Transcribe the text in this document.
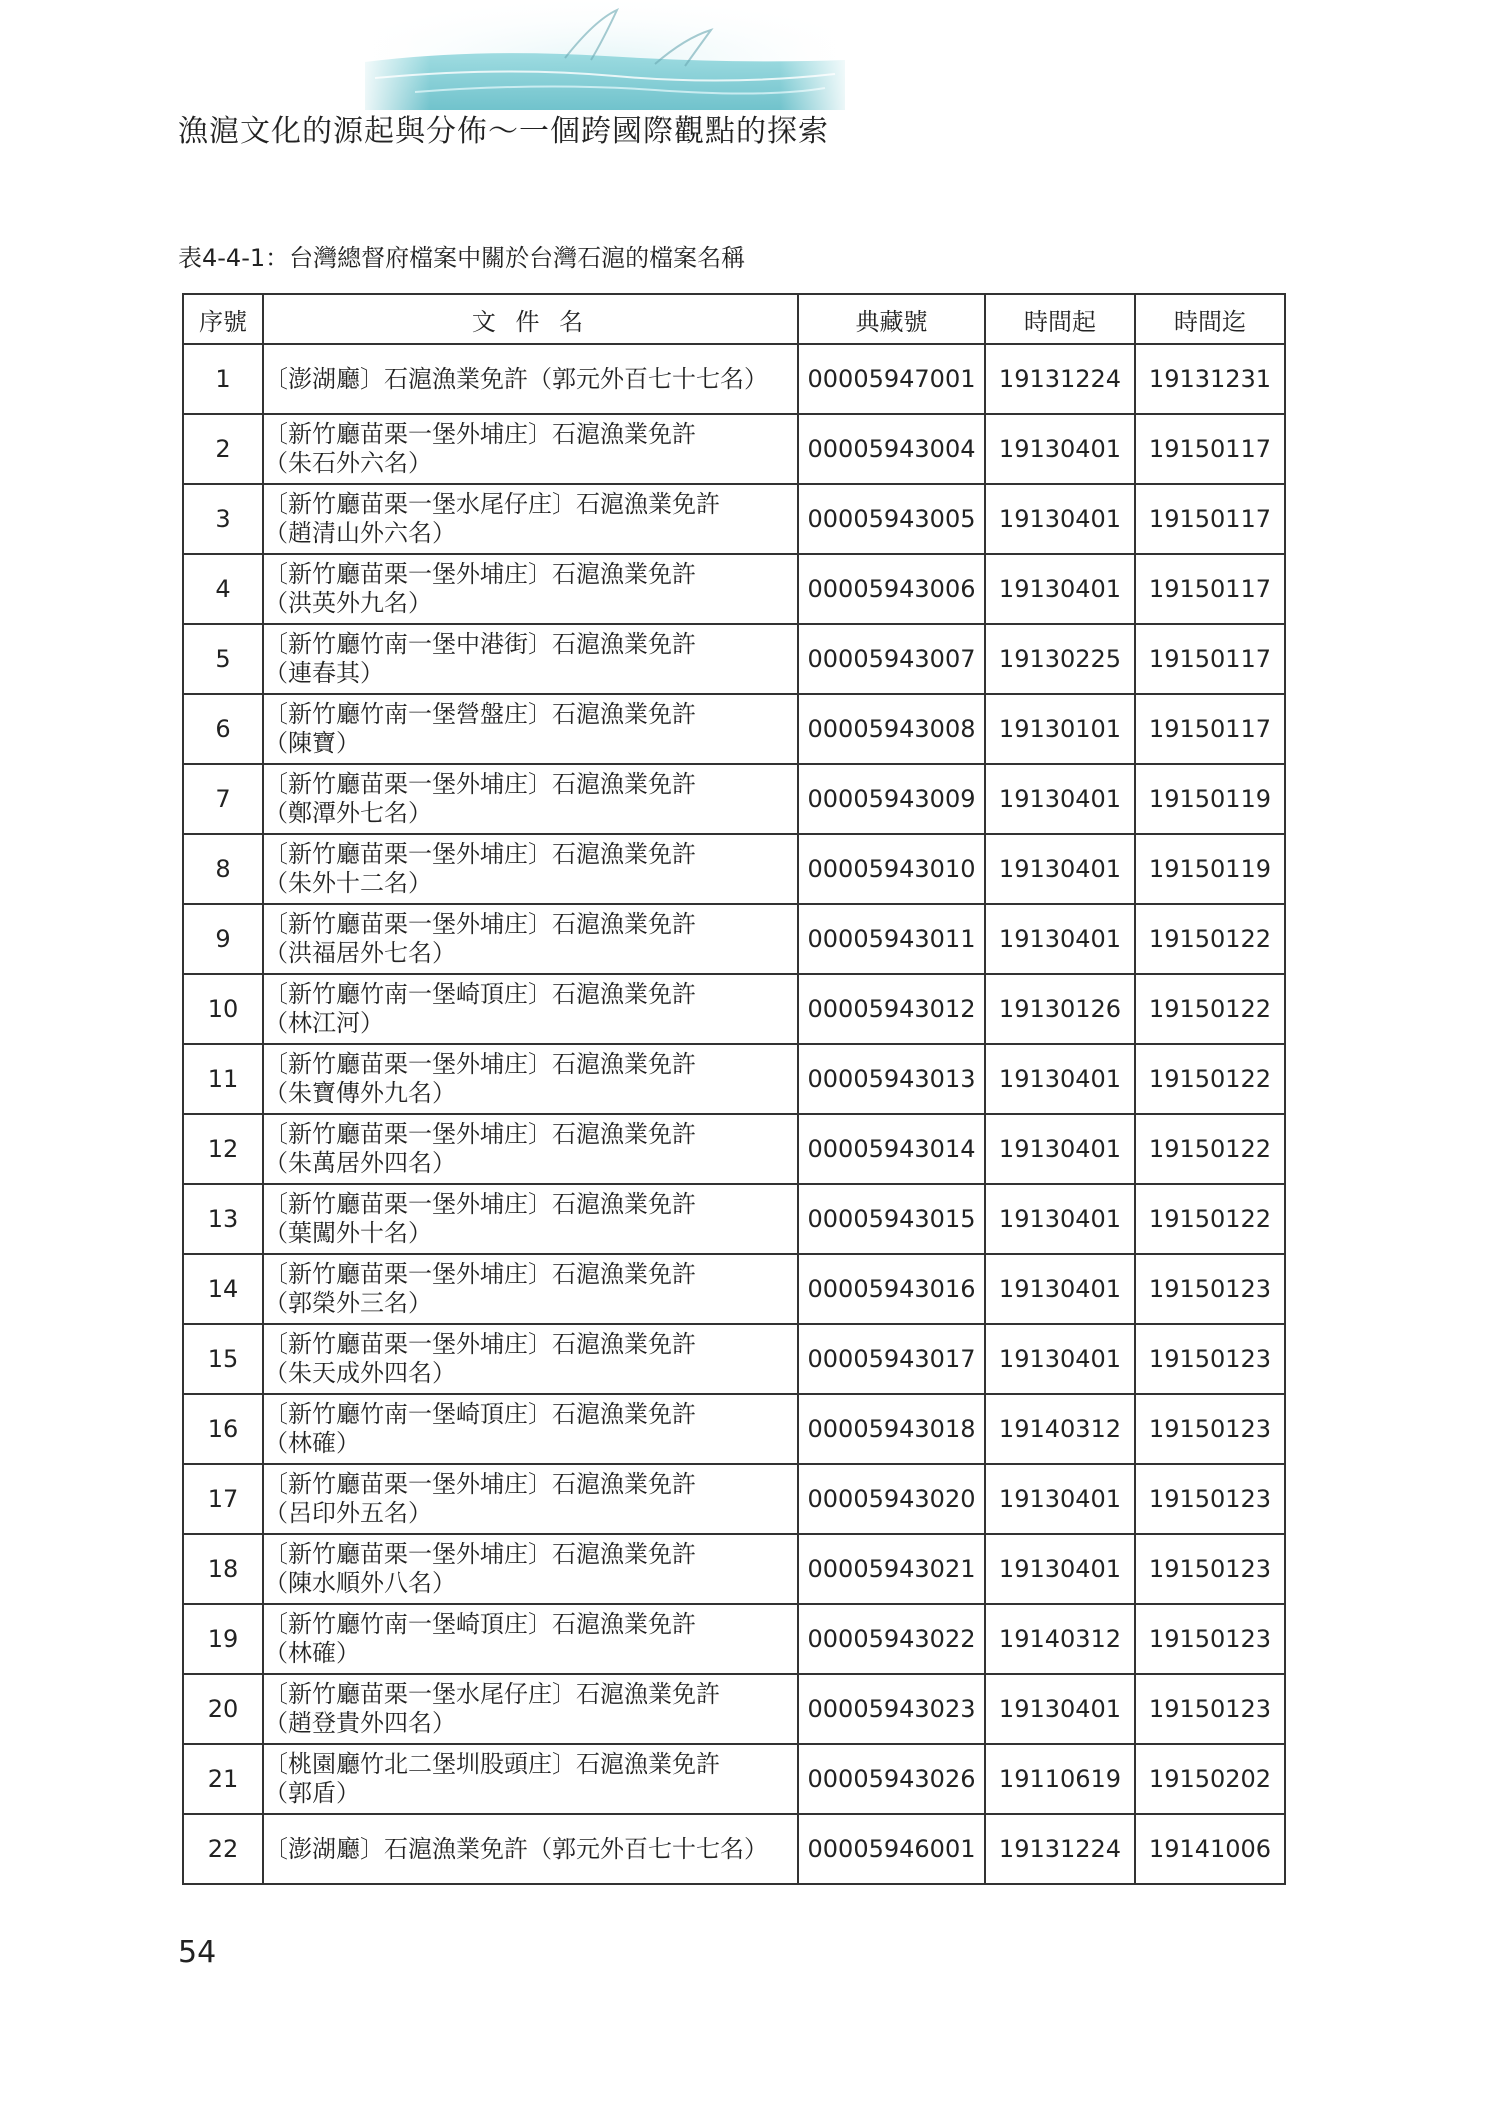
漁滬文化的源起與分佈～一個跨國際觀點的探索
表4-4-1：台灣總督府檔案中關於台灣石滬的檔案名稱
序號	文 件 名	典藏號	時間起	時間迄
1	〔澎湖廳〕石滬漁業免許（郭元外百七十七名）	00005947001	19131224	19131231
2	〔新竹廳苗栗一堡外埔庄〕石滬漁業免許
（朱石外六名）	00005943004	19130401	19150117
3	〔新竹廳苗栗一堡水尾仔庄〕石滬漁業免許
（趙清山外六名）	00005943005	19130401	19150117
4	〔新竹廳苗栗一堡外埔庄〕石滬漁業免許
（洪英外九名）	00005943006	19130401	19150117
5	〔新竹廳竹南一堡中港街〕石滬漁業免許
（連春其）	00005943007	19130225	19150117
6	〔新竹廳竹南一堡營盤庄〕石滬漁業免許
（陳寶）	00005943008	19130101	19150117
7	〔新竹廳苗栗一堡外埔庄〕石滬漁業免許
（鄭潭外七名）	00005943009	19130401	19150119
8	〔新竹廳苗栗一堡外埔庄〕石滬漁業免許
（朱外十二名）	00005943010	19130401	19150119
9	〔新竹廳苗栗一堡外埔庄〕石滬漁業免許
（洪福居外七名）	00005943011	19130401	19150122
10	〔新竹廳竹南一堡崎頂庄〕石滬漁業免許
（林江河）	00005943012	19130126	19150122
11	〔新竹廳苗栗一堡外埔庄〕石滬漁業免許
（朱寶傳外九名）	00005943013	19130401	19150122
12	〔新竹廳苗栗一堡外埔庄〕石滬漁業免許
（朱萬居外四名）	00005943014	19130401	19150122
13	〔新竹廳苗栗一堡外埔庄〕石滬漁業免許
（葉闖外十名）	00005943015	19130401	19150122
14	〔新竹廳苗栗一堡外埔庄〕石滬漁業免許
（郭榮外三名）	00005943016	19130401	19150123
15	〔新竹廳苗栗一堡外埔庄〕石滬漁業免許
（朱天成外四名）	00005943017	19130401	19150123
16	〔新竹廳竹南一堡崎頂庄〕石滬漁業免許
（林確）	00005943018	19140312	19150123
17	〔新竹廳苗栗一堡外埔庄〕石滬漁業免許
（呂印外五名）	00005943020	19130401	19150123
18	〔新竹廳苗栗一堡外埔庄〕石滬漁業免許
（陳水順外八名）	00005943021	19130401	19150123
19	〔新竹廳竹南一堡崎頂庄〕石滬漁業免許
（林確）	00005943022	19140312	19150123
20	〔新竹廳苗栗一堡水尾仔庄〕石滬漁業免許
（趙登貴外四名）	00005943023	19130401	19150123
21	〔桃園廳竹北二堡圳股頭庄〕石滬漁業免許
（郭盾）	00005943026	19110619	19150202
22	〔澎湖廳〕石滬漁業免許（郭元外百七十七名）	00005946001	19131224	19141006
54
